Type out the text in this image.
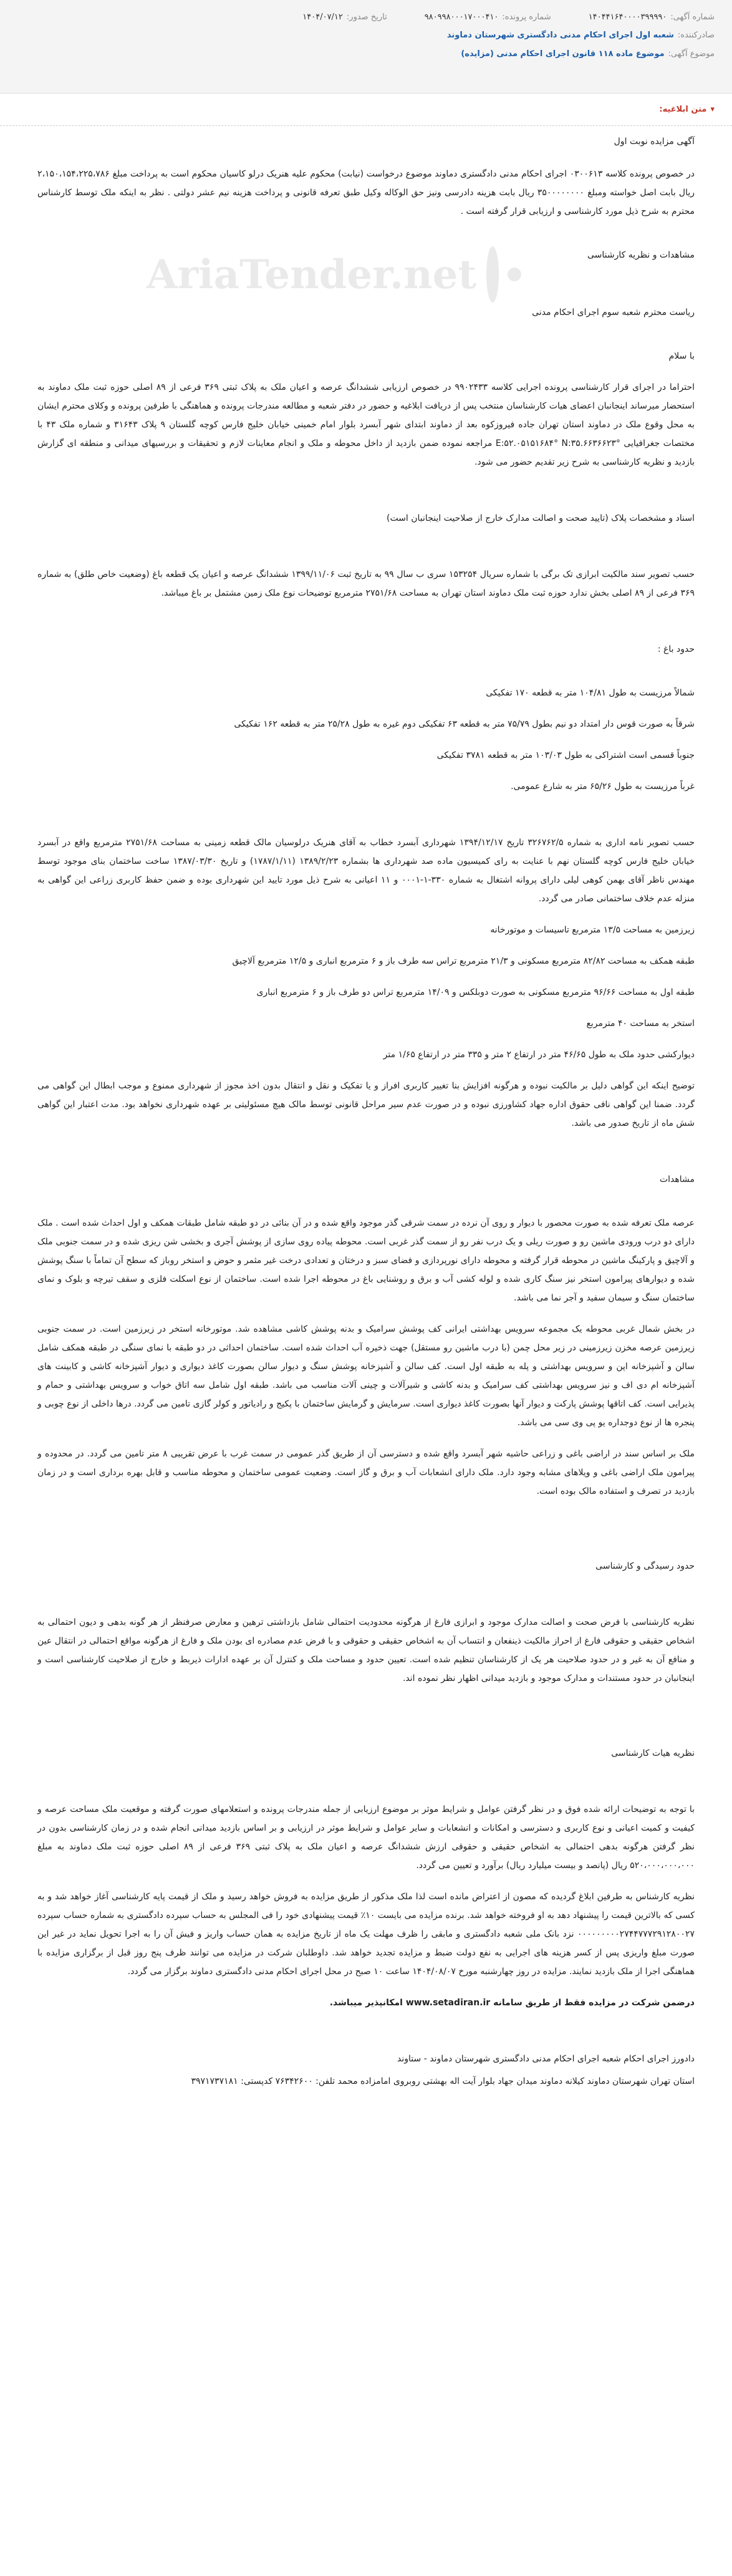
شماره آگهی:
۱۴۰۴۴۱۶۴۰۰۰۰۳۹۹۹۹۰
شماره پرونده:
۹۸۰۹۹۸۰۰۰۱۷۰۰۰۴۱۰
تاریخ صدور:
۱۴۰۴/۰۷/۱۲
صادرکننده:
شعبه اول اجرای احکام مدنی دادگستری شهرستان دماوند
موضوع آگهی:
موضوع ماده ۱۱۸ قانون اجرای احکام مدنی (مزایده)
▾
متن ابلاغیه:
AriaTender.net
آگهی مزایده نوبت اول
در خصوص پرونده کلاسه ۰۳۰۰۶۱۳ اجرای احکام مدنی دادگستری دماوند موضوع درخواست (نیابت) محکوم علیه هنریک درلو کاسیان محکوم است به پرداخت مبلغ ۲،۱۵۰،۱۵۴،۲۲۵،۷۸۶ ریال بابت اصل خواسته ومبلغ ۳۵۰۰۰۰۰۰۰۰ ریال بابت هزینه دادرسی ونیز حق الوکاله وکیل طبق تعرفه قانونی و پرداخت هزینه نیم عشر دولتی . نظر به اینکه ملک توسط کارشناس محترم به شرح ذیل مورد کارشناسی و ارزیابی قرار گرفته است .
مشاهدات و نظریه کارشناسی
ریاست محترم شعبه سوم اجرای احکام مدنی
با سلام
احتراما در اجرای قرار کارشناسی پرونده اجرایی کلاسه ۹۹۰۲۴۳۳ در خصوص ارزیابی ششدانگ عرصه و اعیان ملک به پلاک ثبتی ۳۶۹ فرعی از ۸۹ اصلی حوزه ثبت ملک دماوند به استحضار میرساند اینجانبان اعضای هیات کارشناسان منتخب پس از دریافت ابلاغیه و حضور در دفتر شعبه و مطالعه مندرجات پرونده و هماهنگی با طرفین پرونده و وکلای محترم ایشان به محل وقوع ملک در دماوند استان تهران جاده فیروزکوه بعد از دماوند ابتدای شهر آبسرد بلوار امام خمینی خیابان خلیج فارس کوچه گلستان ۹ پلاک ۳۱۶۴۳ و شماره ملک ۴۳ با مختصات جغرافیایی E:۵۲.۰۵۱۵۱۶۸۴° N:۳۵.۶۶۳۶۶۲۳° مراجعه نموده ضمن بازدید از داخل محوطه و ملک و انجام معاینات لازم و تحقیقات و بررسیهای میدانی و منطقه ای گزارش بازدید و نظریه کارشناسی به شرح زیر تقدیم حضور می شود.
اسناد و مشخصات پلاک (تایید صحت و اصالت مدارک خارج از صلاحیت اینجانبان است)
حسب تصویر سند مالکیت ابرازی تک برگی با شماره سریال ۱۵۳۲۵۴ سری ب سال ۹۹ به تاریخ ثبت ۱۳۹۹/۱۱/۰۶ ششدانگ عرصه و اعیان یک قطعه باغ (وضعیت خاص طلق) به شماره ۳۶۹ فرعی از ۸۹ اصلی بخش ندارد حوزه ثبت ملک دماوند استان تهران به مساحت ۲۷۵۱/۶۸ مترمربع توضیحات نوع ملک زمین مشتمل بر باغ میباشد.
حدود باغ :
شمالاً مرزیست به طول ۱۰۴/۸۱ متر به قطعه ۱۷۰ تفکیکی
شرقاً به صورت قوس دار امتداد دو نیم بطول ۷۵/۷۹ متر به قطعه ۶۳ تفکیکی دوم غیره به طول ۲۵/۲۸ متر به قطعه ۱۶۲ تفکیکی
جنوباً قسمی است اشتراکی به طول ۱۰۳/۰۳ متر به قطعه ۳۷۸۱ تفکیکی
غرباً مرزیست به طول ۶۵/۲۶ متر به شارع عمومی.
حسب تصویر نامه اداری به شماره ۳۲۶۷۶۲/۵ تاریخ ۱۳۹۴/۱۲/۱۷ شهرداری آبسرد خطاب به آقای هنریک درلوسیان مالک قطعه زمینی به مساحت ۲۷۵۱/۶۸ مترمربع واقع در آبسرد خیابان خلیج فارس کوچه گلستان نهم با عنایت به رای کمیسیون ماده صد شهرداری ها بشماره ۱۳۸۹/۲/۲۳ (۱۷۸۷/۱/۱۱) و تاریخ ۱۳۸۷/۰۳/۳۰ ساخت ساختمان بنای موجود توسط مهندس ناظر آقای بهمن کوهی لیلی دارای پروانه اشتغال به شماره ۳۳۰-۱-۰۰۰۱ و ۱۱ اعیانی به شرح ذیل مورد تایید این شهرداری بوده و ضمن حفظ کاربری زراعی این گواهی به منزله عدم خلاف ساختمانی صادر می گردد.
زیرزمین به مساحت ۱۳/۵ مترمربع تاسیسات و موتورخانه
طبقه همکف به مساحت ۸۲/۸۲ مترمربع مسکونی و ۲۱/۳ مترمربع تراس سه طرف باز و ۶ مترمربع انباری و ۱۲/۵ مترمربع آلاچیق
طبقه اول به مساحت ۹۶/۶۶ مترمربع مسکونی به صورت دوبلکس و ۱۴/۰۹ مترمربع تراس دو طرف باز و ۶ مترمربع انباری
استخر به مساحت ۴۰ مترمربع
دیوارکشی حدود ملک به طول ۴۶/۶۵ متر در ارتفاع ۲ متر و ۳۳۵ متر در ارتفاع ۱/۶۵ متر
توضیح اینکه این گواهی دلیل بر مالکیت نبوده و هرگونه افزایش بنا تغییر کاربری افراز و یا تفکیک و نقل و انتقال بدون اخذ مجوز از شهرداری ممنوع و موجب ابطال این گواهی می گردد. ضمنا این گواهی نافی حقوق اداره جهاد کشاورزی نبوده و در صورت عدم سیر مراحل قانونی توسط مالک هیچ مسئولیتی بر عهده شهرداری نخواهد بود. مدت اعتبار این گواهی شش ماه از تاریخ صدور می باشد.
مشاهدات
عرصه ملک تعرفه شده به صورت محصور با دیوار و روی آن نرده در سمت شرقی گذر موجود واقع شده و در آن بنائی در دو طبقه شامل طبقات همکف و اول احداث شده است . ملک دارای دو درب ورودی ماشین رو و صورت ریلی و یک درب نفر رو از سمت گذر غربی است. محوطه پیاده روی سازی از پوشش آجری و بخشی شن ریزی شده و در سمت جنوبی ملک و آلاچیق و پارکینگ ماشین در محوطه قرار گرفته و محوطه دارای نورپردازی و فضای سبز و درختان و تعدادی درخت غیر مثمر و حوض و استخر روباز که سطح آن تماماً با سنگ پوشش شده و دیوارهای پیرامون استخر نیز سنگ کاری شده و لوله کشی آب و برق و روشنایی باغ در محوطه اجرا شده است. ساختمان از نوع اسکلت فلزی و سقف تیرچه و بلوک و نمای ساختمان سنگ و سیمان سفید و آجر نما می باشد.
در بخش شمال غربی محوطه یک مجموعه سرویس بهداشتی ایرانی کف پوشش سرامیک و بدنه پوشش کاشی مشاهده شد. موتورخانه استخر در زیرزمین است. در سمت جنوبی زیرزمین عرصه مخزن زیرزمینی در زیر محل چمن (با درب ماشین رو مستقل) جهت ذخیره آب احداث شده است. ساختمان احداثی در دو طبقه با نمای سنگی در طبقه همکف شامل سالن و آشپزخانه اپن و سرویس بهداشتی و پله به طبقه اول است. کف سالن و آشپزخانه پوشش سنگ و دیوار سالن بصورت کاغذ دیواری و دیوار آشپزخانه کاشی و کابینت های آشپزخانه ام دی اف و نیز سرویس بهداشتی کف سرامیک و بدنه کاشی و شیرآلات و چینی آلات مناسب می باشد. طبقه اول شامل سه اتاق خواب و سرویس بهداشتی و حمام و پذیرایی است. کف اتاقها پوشش پارکت و دیوار آنها بصورت کاغذ دیواری است. سرمایش و گرمایش ساختمان با پکیج و رادیاتور و کولر گازی تامین می گردد. درها داخلی از نوع چوبی و پنجره ها از نوع دوجداره یو پی وی سی می باشد.
ملک بر اساس سند در اراضی باغی و زراعی حاشیه شهر آبسرد واقع شده و دسترسی آن از طریق گذر عمومی در سمت غرب با عرض تقریبی ۸ متر تامین می گردد. در محدوده و پیرامون ملک اراضی باغی و ویلاهای مشابه وجود دارد. ملک دارای انشعابات آب و برق و گاز است. وضعیت عمومی ساختمان و محوطه مناسب و قابل بهره برداری است و در زمان بازدید در تصرف و استفاده مالک بوده است.
حدود رسیدگی و کارشناسی
نظریه کارشناسی با فرض صحت و اصالت مدارک موجود و ابرازی فارغ از هرگونه محدودیت احتمالی شامل بازداشتی ترهین و معارض صرفنظر از هر گونه بدهی و دیون احتمالی به اشخاص حقیقی و حقوقی فارغ از احراز مالکیت ذینفعان و انتساب آن به اشخاص حقیقی و حقوقی و با فرض عدم مصادره ای بودن ملک و فارغ از هرگونه مواقع احتمالی در انتقال عین و منافع آن به غیر و در حدود صلاحیت هر یک از کارشناسان تنظیم شده است. تعیین حدود و مساحت ملک و کنترل آن بر عهده ادارات ذیربط و خارج از صلاحیت کارشناسی است و اینجانبان در حدود مستندات و مدارک موجود و بازدید میدانی اظهار نظر نموده اند.
نظریه هیات کارشناسی
با توجه به توضیحات ارائه شده فوق و در نظر گرفتن عوامل و شرایط موثر بر موضوع ارزیابی از جمله مندرجات پرونده و استعلامهای صورت گرفته و موقعیت ملک مساحت عرصه و کیفیت و کمیت اعیانی و نوع کاربری و دسترسی و امکانات و انشعابات و سایر عوامل و شرایط موثر در ارزیابی و بر اساس بازدید میدانی انجام شده و در زمان کارشناسی بدون در نظر گرفتن هرگونه بدهی احتمالی به اشخاص حقیقی و حقوقی ارزش ششدانگ عرصه و اعیان ملک به پلاک ثبتی ۳۶۹ فرعی از ۸۹ اصلی حوزه ثبت ملک دماوند به مبلغ ۵۲۰،۰۰۰،۰۰۰،۰۰۰ ریال (پانصد و بیست میلیارد ریال) برآورد و تعیین می گردد.
نظریه کارشناس به طرفین ابلاغ گردیده که مصون از اعتراض مانده است لذا ملک مذکور از طریق مزایده به فروش خواهد رسید و ملک از قیمت پایه کارشناسی آغاز خواهد شد و به کسی که بالاترین قیمت را پیشنهاد دهد به او فروخته خواهد شد. برنده مزایده می بایست ۱۰٪ قیمت پیشنهادی خود را فی المجلس به حساب سپرده دادگستری به شماره حساب سپرده ۰۰۰۰۰۰۰۰۰۲۷۴۴۷۷۷۲۹۱۲۸۰۰۲۷ نزد بانک ملی شعبه دادگستری و مابقی را ظرف مهلت یک ماه از تاریخ مزایده به همان حساب واریز و فیش آن را به اجرا تحویل نماید در غیر این صورت مبلغ واریزی پس از کسر هزینه های اجرایی به نفع دولت ضبط و مزایده تجدید خواهد شد. داوطلبان شرکت در مزایده می توانند ظرف پنج روز قبل از برگزاری مزایده با هماهنگی اجرا از ملک بازدید نمایند. مزایده در روز چهارشنبه مورخ ۱۴۰۴/۰۸/۰۷ ساعت ۱۰ صبح در محل اجرای احکام مدنی دادگستری دماوند برگزار می گردد.
درضمن شرکت در مزایده فقط از طریق سامانه www.setadiran.ir امکانپذیر میباشد.
دادورز اجرای احکام شعبه اجرای احکام مدنی دادگستری شهرستان دماوند - ستاوند
استان تهران شهرستان دماوند کیلانه دماوند میدان جهاد بلوار آیت اله بهشتی روبروی امامزاده محمد تلفن: ۷۶۳۴۲۶۰۰ کدپستی: ۳۹۷۱۷۳۷۱۸۱
